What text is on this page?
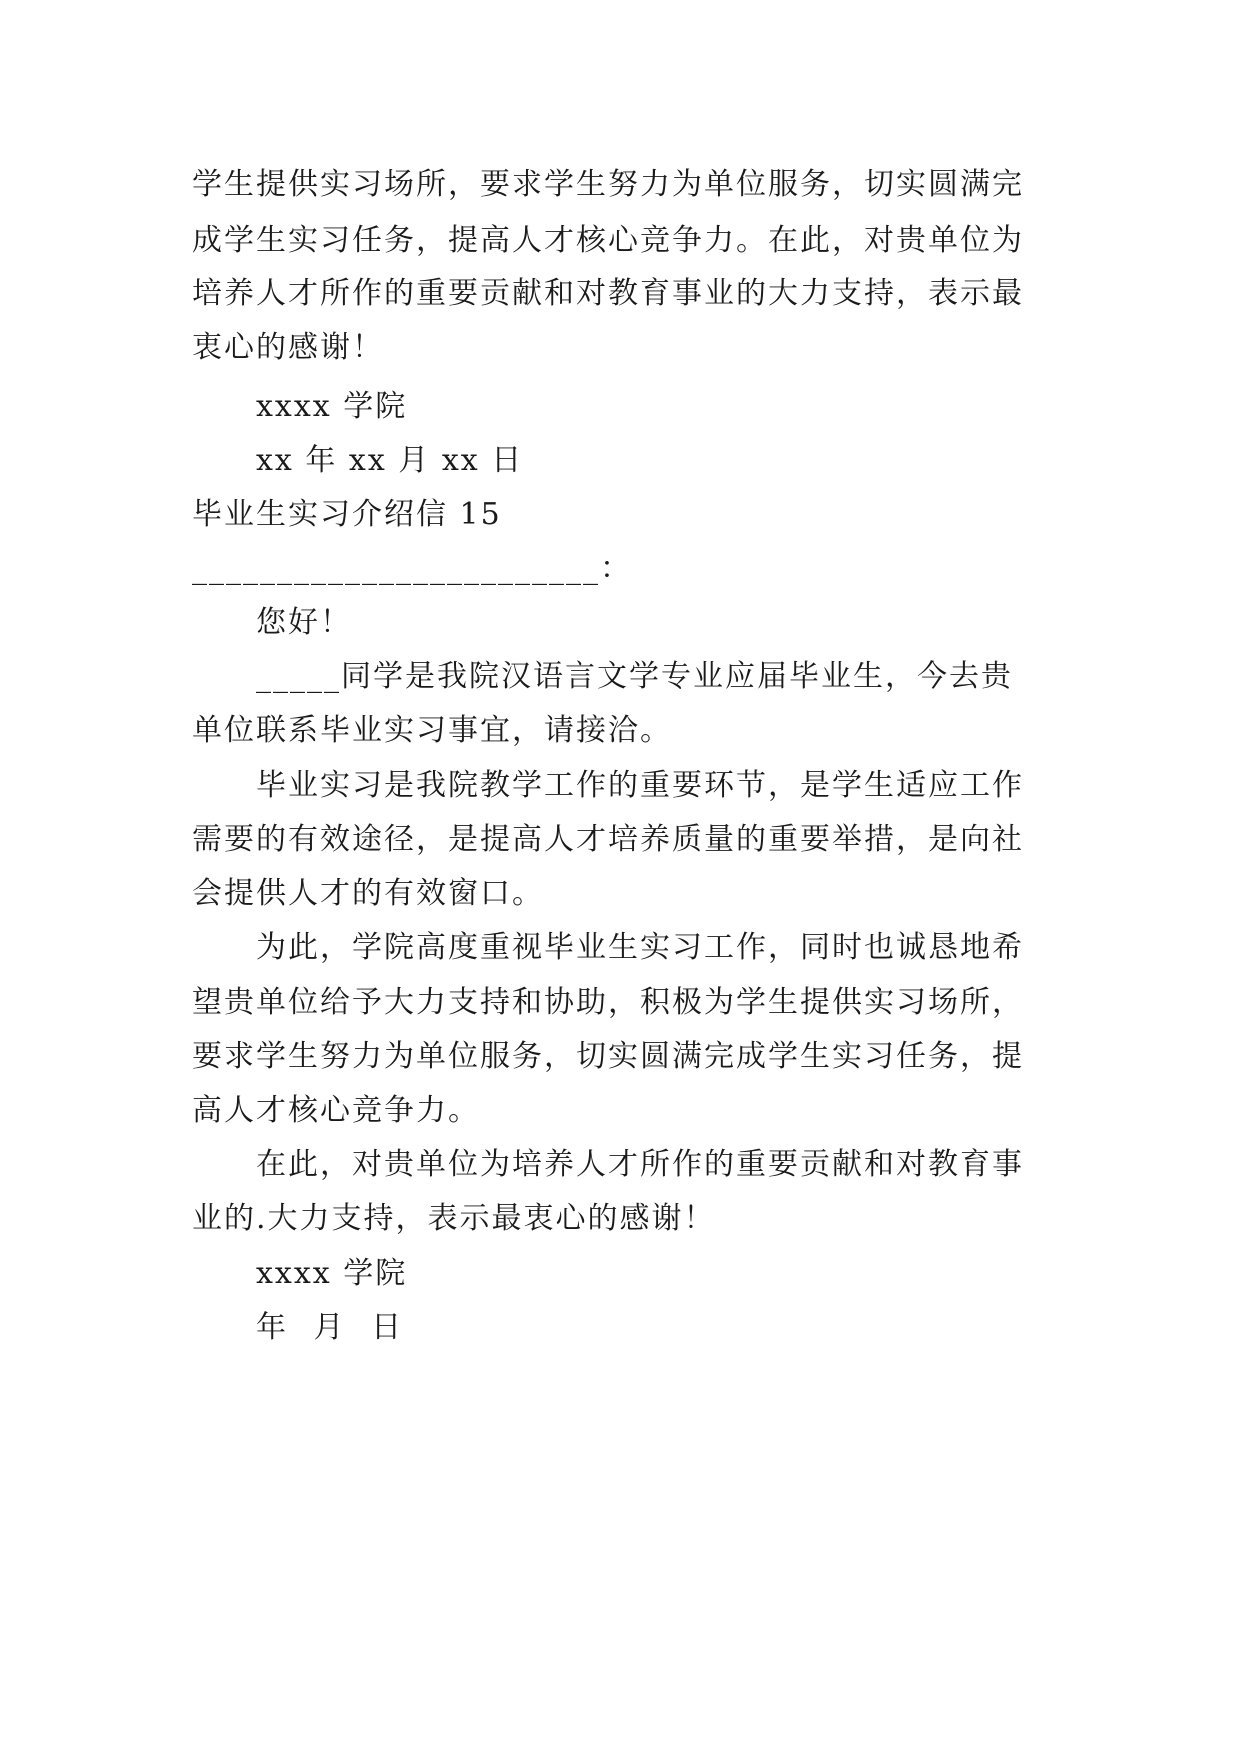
学生提供实习场所，要求学生努力为单位服务，切实圆满完
成学生实习任务，提高人才核心竞争力。在此，对贵单位为
培养人才所作的重要贡献和对教育事业的大力支持，表示最
衷心的感谢！
xxxx 学院
xx 年 xx 月 xx 日
毕业生实习介绍信 15
________________________：
您好！
_____同学是我院汉语言文学专业应届毕业生，今去贵
单位联系毕业实习事宜，请接洽。
毕业实习是我院教学工作的重要环节，是学生适应工作
需要的有效途径，是提高人才培养质量的重要举措，是向社
会提供人才的有效窗口。
为此，学院高度重视毕业生实习工作，同时也诚恳地希
望贵单位给予大力支持和协助，积极为学生提供实习场所，
要求学生努力为单位服务，切实圆满完成学生实习任务，提
高人才核心竞争力。
在此，对贵单位为培养人才所作的重要贡献和对教育事
业的.大力支持，表示最衷心的感谢！
xxxx 学院
年 月 日
